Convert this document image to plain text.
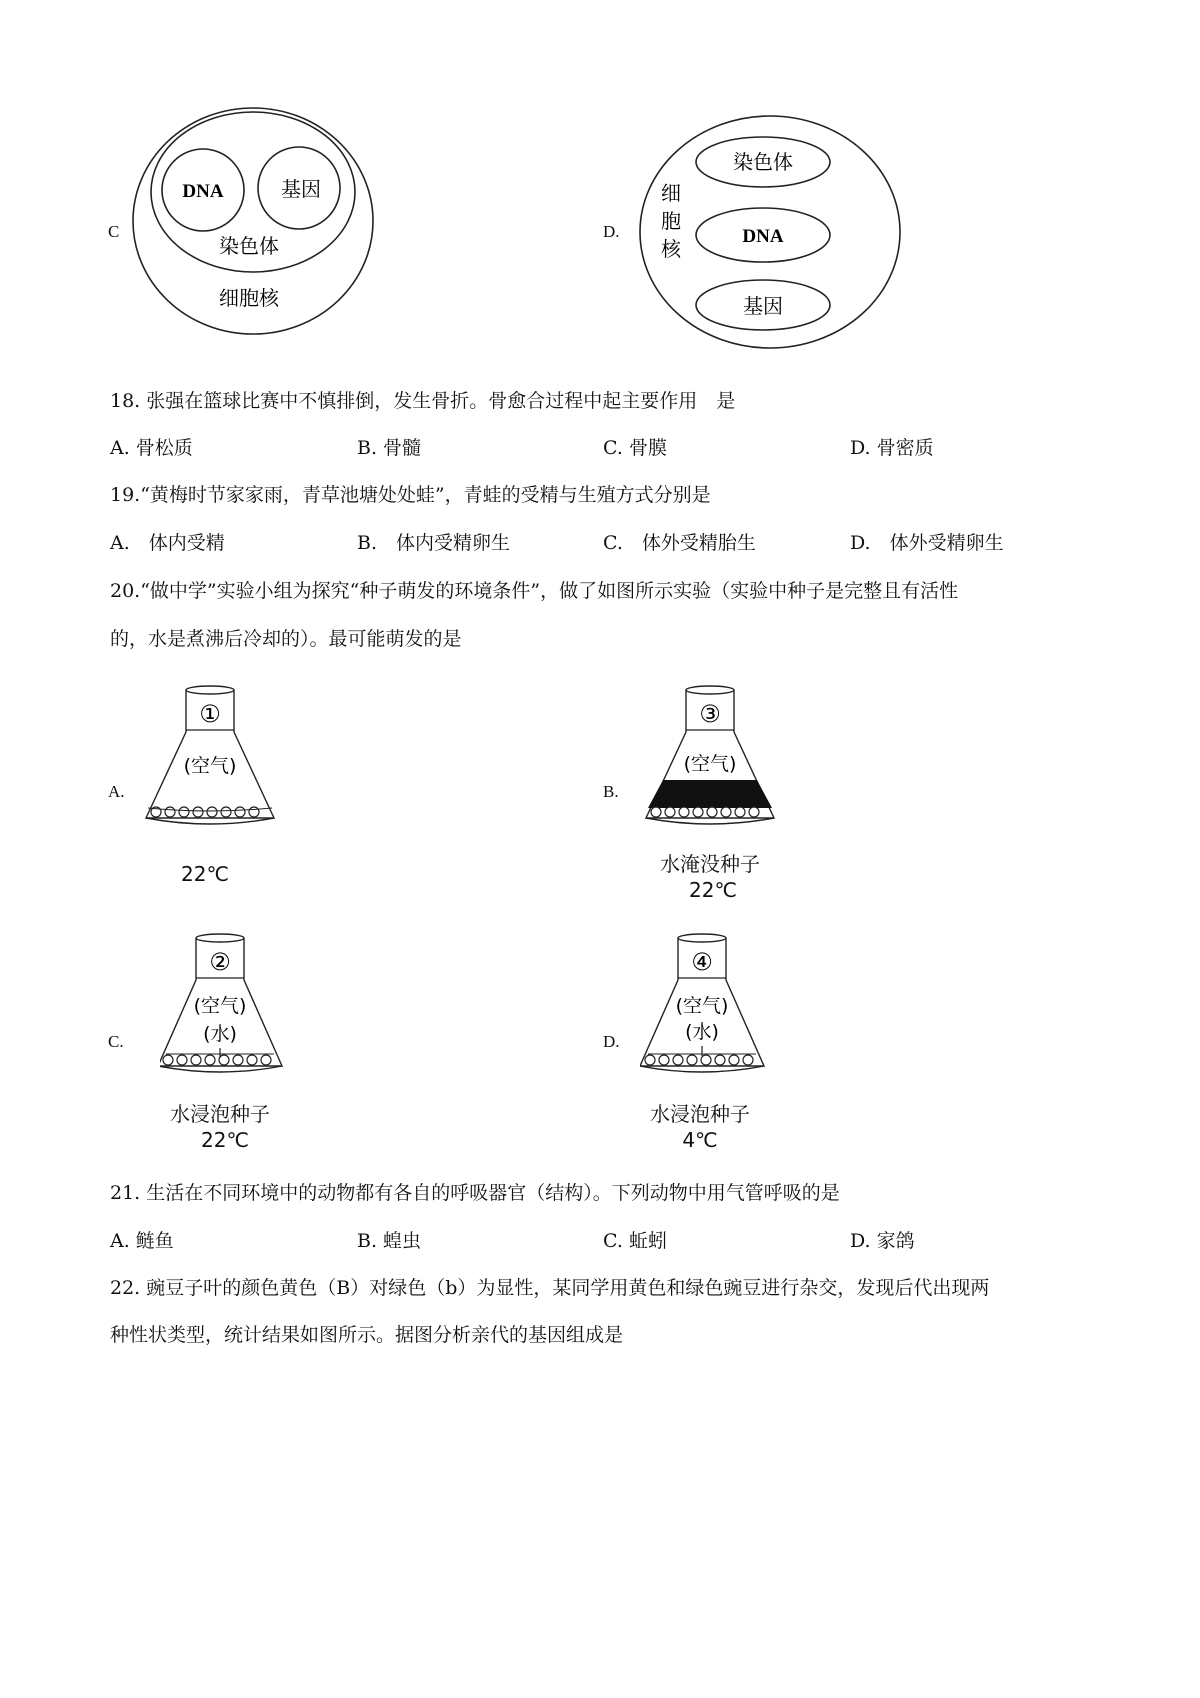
C
DNA	基因
染色体
细胞核
D.
染色体
DNA
基因
细
胞
核
18. 张强在篮球比赛中不慎排倒，发生骨折。骨愈合过程中起主要作用　是
A. 骨松质	B. 骨髓	C. 骨膜	D. 骨密质
19.“黄梅时节家家雨，青草池塘处处蛙”，青蛙的受精与生殖方式分别是
A.　体内受精	B.　体内受精卵生	C.　体外受精胎生	D.　体外受精卵生
20.“做中学”实验小组为探究“种子萌发的环境条件”，做了如图所示实验（实验中种子是完整且有活性
的，水是煮沸后冷却的）。最可能萌发的是
A.
①
(空气)
22℃
B.
③
(空气)
水淹没种子
22℃
C.
②
(空气)
(水)
水浸泡种子
22℃
D.
④
(空气)
(水)
水浸泡种子
4℃
21. 生活在不同环境中的动物都有各自的呼吸器官（结构）。下列动物中用气管呼吸的是
A. 鲢鱼	B. 蝗虫	C. 蚯蚓	D. 家鸽
22. 豌豆子叶的颜色黄色（B）对绿色（b）为显性，某同学用黄色和绿色豌豆进行杂交，发现后代出现两
种性状类型，统计结果如图所示。据图分析亲代的基因组成是
